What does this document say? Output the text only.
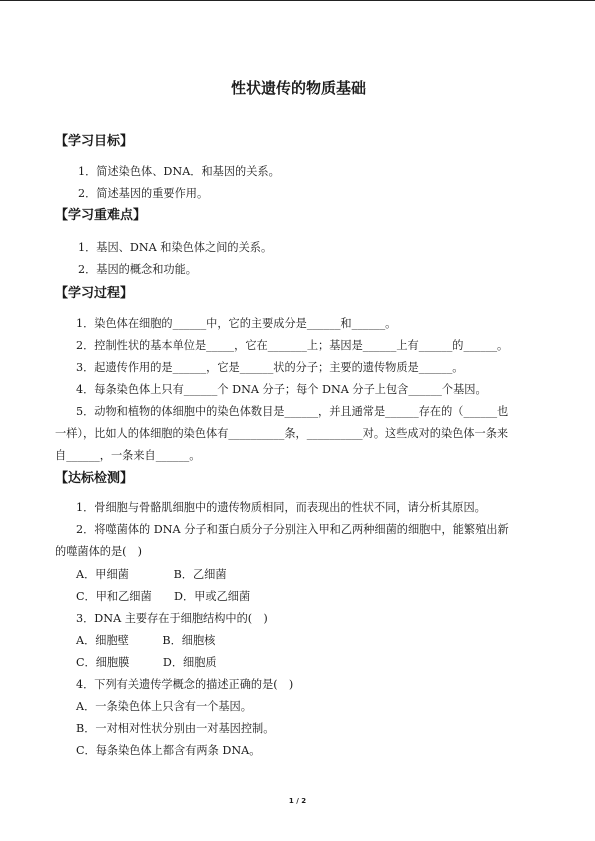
性状遗传的物质基础
【学习目标】
1．简述染色体、DNA．和基因的关系。
2．简述基因的重要作用。
【学习重难点】
1．基因、DNA 和染色体之间的关系。
2．基因的概念和功能。
【学习过程】
1．染色体在细胞的______中，它的主要成分是______和______。
2．控制性状的基本单位是_____，它在_______上；基因是______上有______的______。
3．起遗传作用的是______，它是______状的分子；主要的遗传物质是______。
4．每条染色体上只有______个 DNA 分子；每个 DNA 分子上包含______个基因。
5．动物和植物的体细胞中的染色体数目是______，并且通常是______存在的（______也
一样），比如人的体细胞的染色体有__________条，__________对。这些成对的染色体一条来
自______，一条来自______。
【达标检测】
1．骨细胞与骨骼肌细胞中的遗传物质相同，而表现出的性状不同，请分析其原因。
2．将噬菌体的 DNA 分子和蛋白质分子分别注入甲和乙两种细菌的细胞中，能繁殖出新
的噬菌体的是(　)
A．甲细菌　　　　B．乙细菌
C．甲和乙细菌　　D．甲或乙细菌
3．DNA 主要存在于细胞结构中的(　)
A．细胞壁　　　B．细胞核
C．细胞膜　　　D．细胞质
4．下列有关遗传学概念的描述正确的是(　)
A．一条染色体上只含有一个基因。
B．一对相对性状分别由一对基因控制。
C．每条染色体上都含有两条 DNA。
1 / 2
